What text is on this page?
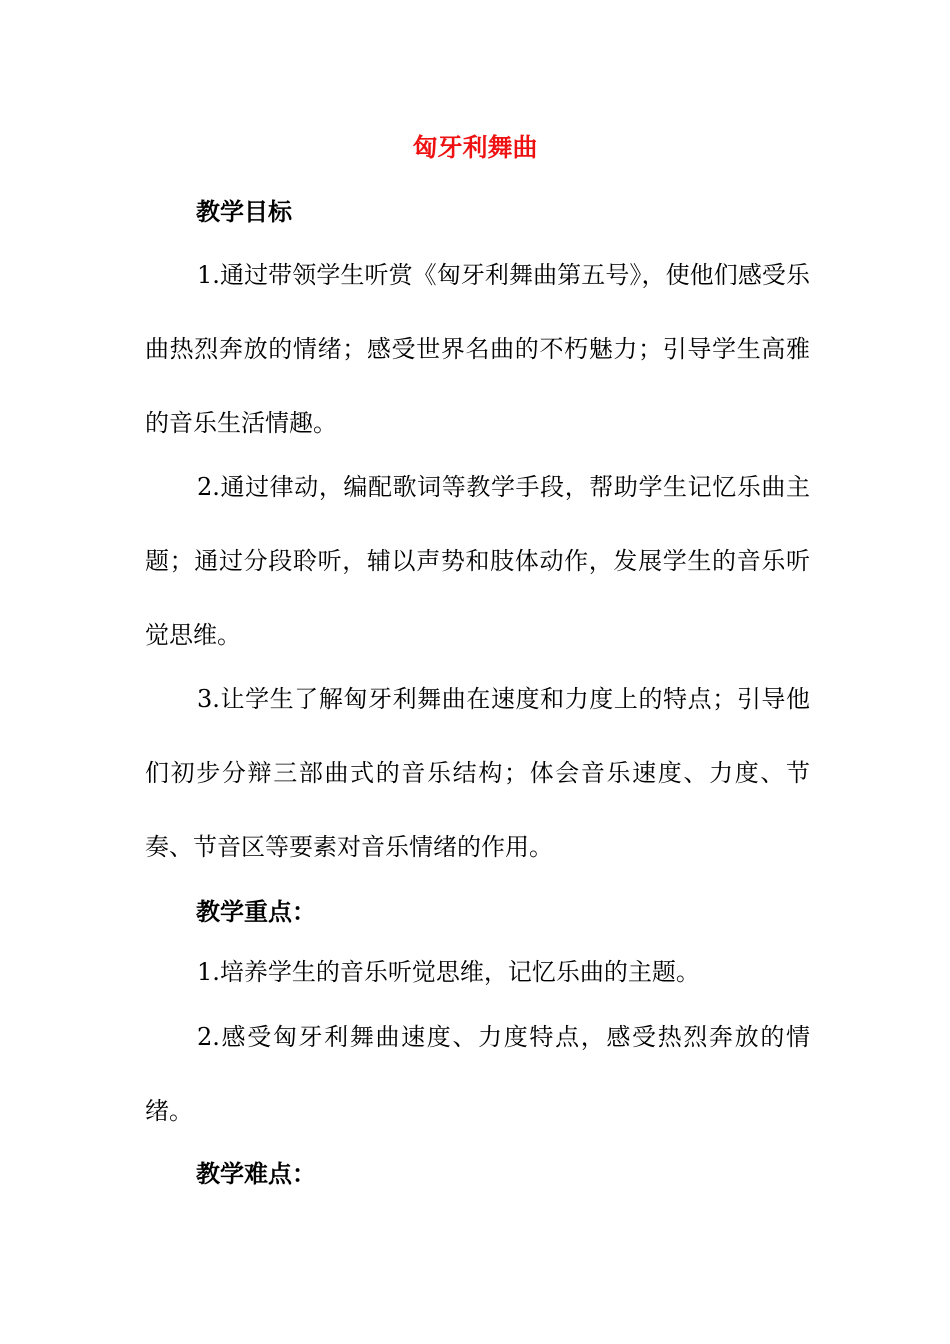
匈牙利舞曲
教学目标

1.通过带领学生听赏《匈牙利舞曲第五号》，使他们感受乐曲热烈奔放的情绪；感受世界名曲的不朽魅力；引导学生高雅的音乐生活情趣。

2.通过律动，编配歌词等教学手段，帮助学生记忆乐曲主题；通过分段聆听，辅以声势和肢体动作，发展学生的音乐听觉思维。

3.让学生了解匈牙利舞曲在速度和力度上的特点；引导他们初步分辩三部曲式的音乐结构；体会音乐速度、力度、节奏、节音区等要素对音乐情绪的作用。

教学重点：

1.培养学生的音乐听觉思维，记忆乐曲的主题。

2.感受匈牙利舞曲速度、力度特点，感受热烈奔放的情绪。

教学难点：
